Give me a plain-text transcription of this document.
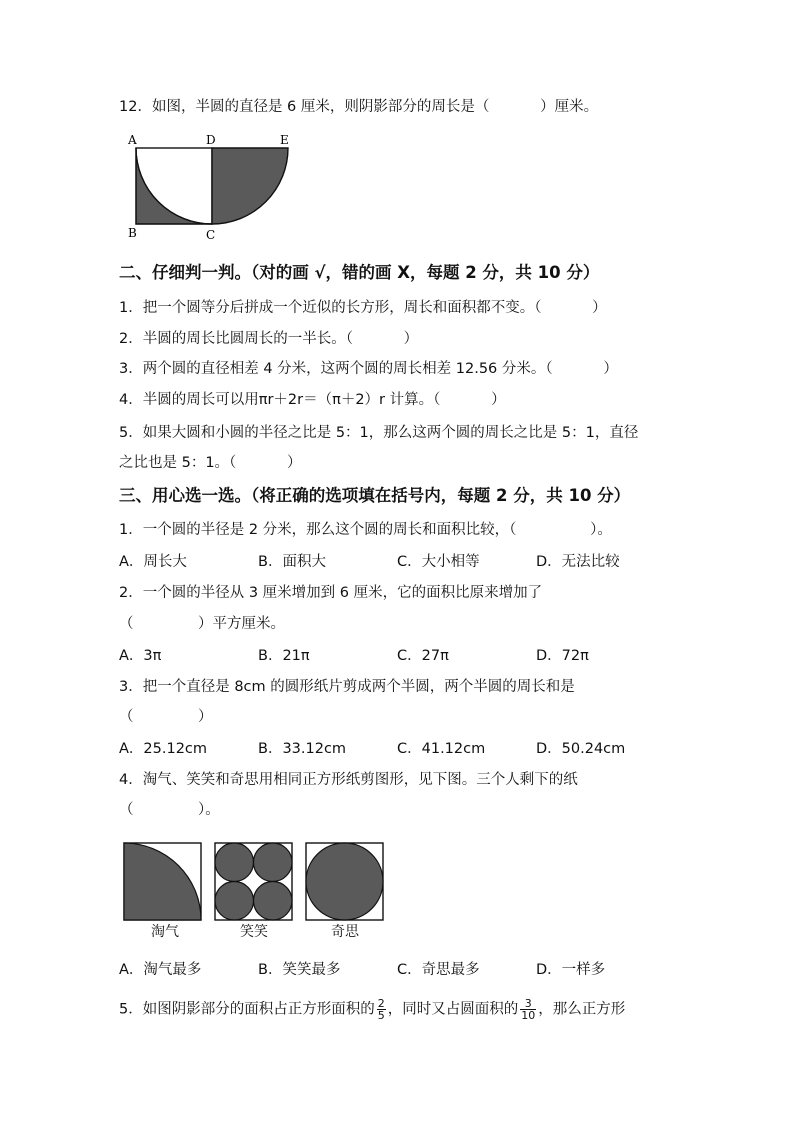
12．如图，半圆的直径是 6 厘米，则阴影部分的周长是（           ）厘米。
A	D	E
B	C
二、仔细判一判。（对的画 √，错的画 X，每题 2 分，共 10 分）
1．把一个圆等分后拼成一个近似的长方形，周长和面积都不变。（           ）
2．半圆的周长比圆周长的一半长。（           ）
3．两个圆的直径相差 4 分米，这两个圆的周长相差 12.56 分米。（           ）
4．半圆的周长可以用πr＋2r＝（π＋2）r 计算。（           ）
5．如果大圆和小圆的半径之比是 5：1，那么这两个圆的周长之比是 5：1，直径
之比也是 5：1。（           ）
三、用心选一选。（将正确的选项填在括号内，每题 2 分，共 10 分）
1．一个圆的半径是 2 分米，那么这个圆的周长和面积比较，（                ）。
A．周长大	B．面积大	C．大小相等	D．无法比较
2．一个圆的半径从 3 厘米增加到 6 厘米，它的面积比原来增加了
（              ）平方厘米。
A．3π	B．21π	C．27π	D．72π
3．把一个直径是 8cm 的圆形纸片剪成两个半圆，两个半圆的周长和是
（              ）
A．25.12cm	B．33.12cm	C．41.12cm	D．50.24cm
4．淘气、笑笑和奇思用相同正方形纸剪图形，见下图。三个人剩下的纸
（              ）。
淘气	笑笑	奇思
A．淘气最多	B．笑笑最多	C．奇思最多	D．一样多
5．如图阴影部分的面积占正方形面积的 $\frac{2}{5}$ ，同时又占圆面积的 $\frac{3}{10}$ ，那么正方形
